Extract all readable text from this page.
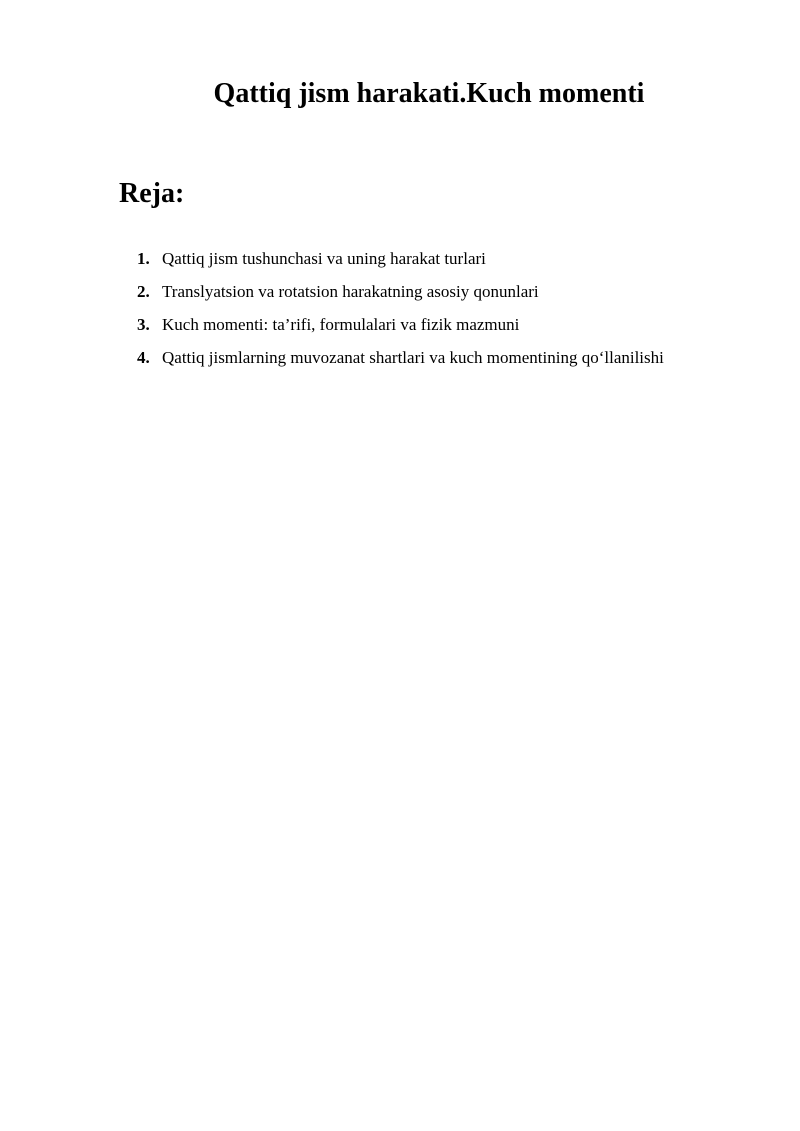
Qattiq jism harakati.Kuch momenti
Reja:
1. Qattiq jism tushunchasi va uning harakat turlari
2. Translyatsion va rotatsion harakatning asosiy qonunlari
3. Kuch momenti: ta’rifi, formulalari va fizik mazmuni
4. Qattiq jismlarning muvozanat shartlari va kuch momentining qo‘llanilishi
